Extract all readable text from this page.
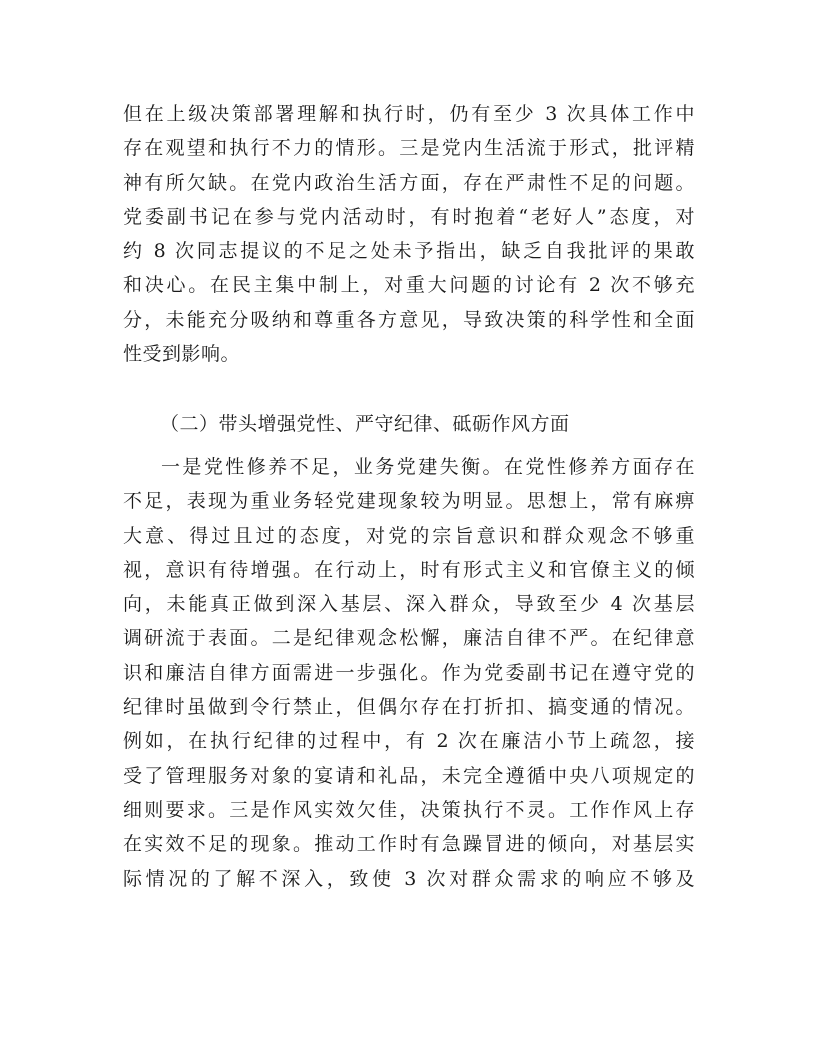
但在上级决策部署理解和执行时，仍有至少 3 次具体工作中
存在观望和执行不力的情形。三是党内生活流于形式，批评精
神有所欠缺。在党内政治生活方面，存在严肃性不足的问题。
党委副书记在参与党内活动时，有时抱着“老好人”态度，对
约 8 次同志提议的不足之处未予指出，缺乏自我批评的果敢
和决心。在民主集中制上，对重大问题的讨论有 2 次不够充
分，未能充分吸纳和尊重各方意见，导致决策的科学性和全面
性受到影响。
（二）带头增强党性、严守纪律、砥砺作风方面
一是党性修养不足，业务党建失衡。在党性修养方面存在
不足，表现为重业务轻党建现象较为明显。思想上，常有麻痹
大意、得过且过的态度，对党的宗旨意识和群众观念不够重
视，意识有待增强。在行动上，时有形式主义和官僚主义的倾
向，未能真正做到深入基层、深入群众，导致至少 4 次基层
调研流于表面。二是纪律观念松懈，廉洁自律不严。在纪律意
识和廉洁自律方面需进一步强化。作为党委副书记在遵守党的
纪律时虽做到令行禁止，但偶尔存在打折扣、搞变通的情况。
例如，在执行纪律的过程中，有 2 次在廉洁小节上疏忽，接
受了管理服务对象的宴请和礼品，未完全遵循中央八项规定的
细则要求。三是作风实效欠佳，决策执行不灵。工作作风上存
在实效不足的现象。推动工作时有急躁冒进的倾向，对基层实
际情况的了解不深入，致使 3 次对群众需求的响应不够及
